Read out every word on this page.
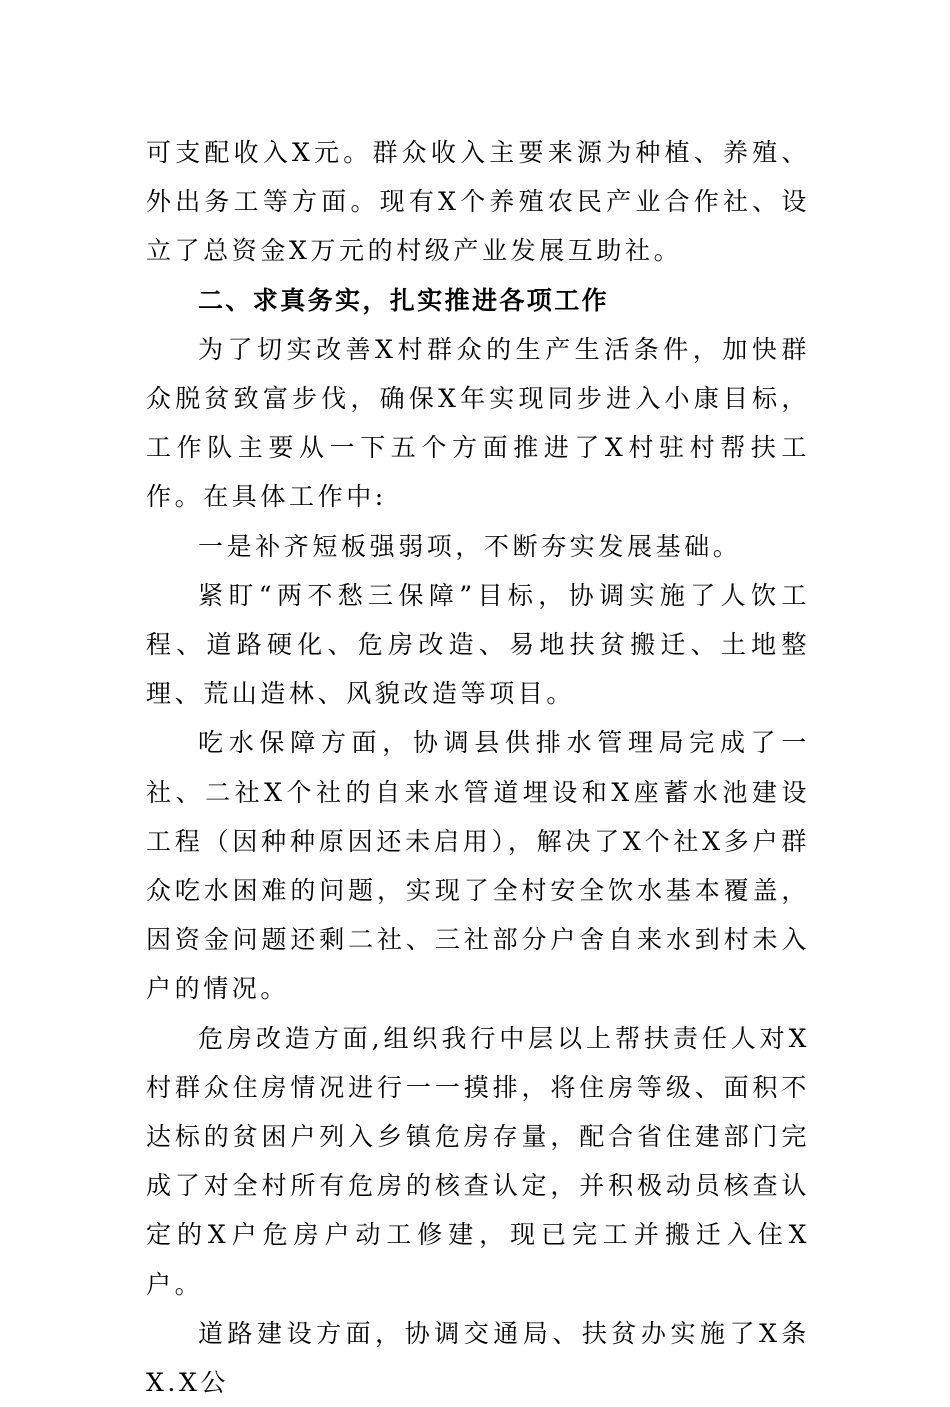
可支配收入X元。群众收入主要来源为种植、养殖、外出务工等方面。现有X个养殖农民产业合作社、设立了总资金X万元的村级产业发展互助社。

二、求真务实，扎实推进各项工作

为了切实改善X村群众的生产生活条件，加快群众脱贫致富步伐，确保X年实现同步进入小康目标，工作队主要从一下五个方面推进了X村驻村帮扶工作。在具体工作中:

一是补齐短板强弱项，不断夯实发展基础。

紧盯“两不愁三保障”目标，协调实施了人饮工程、道路硬化、危房改造、易地扶贫搬迁、土地整理、荒山造林、风貌改造等项目。

吃水保障方面，协调县供排水管理局完成了一社、二社X个社的自来水管道埋设和X座蓄水池建设工程（因种种原因还未启用），解决了X个社X多户群众吃水困难的问题，实现了全村安全饮水基本覆盖，因资金问题还剩二社、三社部分户舍自来水到村未入户的情况。

危房改造方面,组织我行中层以上帮扶责任人对X村群众住房情况进行一一摸排，将住房等级、面积不达标的贫困户列入乡镇危房存量，配合省住建部门完成了对全村所有危房的核查认定，并积极动员核查认定的X户危房户动工修建，现已完工并搬迁入住X户。

道路建设方面，协调交通局、扶贫办实施了X条X.X公
